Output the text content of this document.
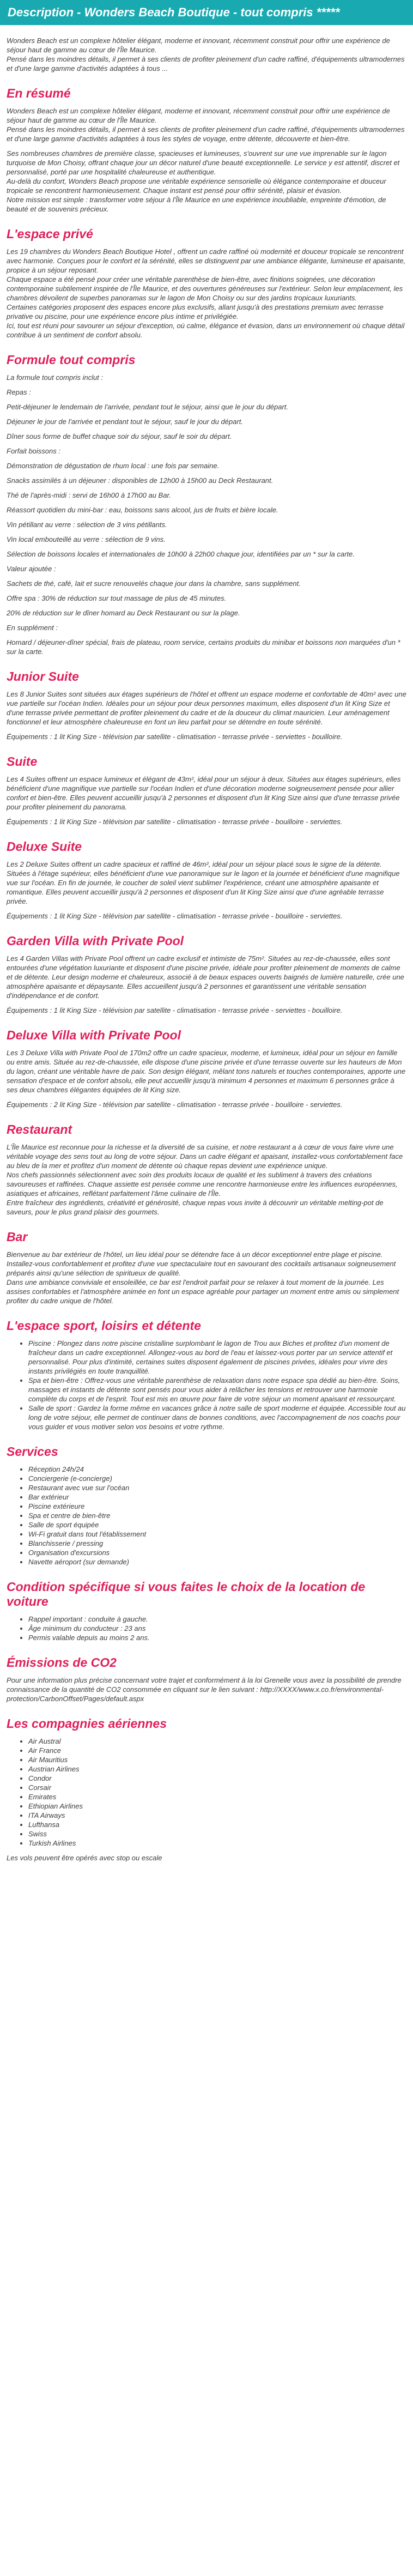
Description - Wonders Beach Boutique - tout compris *****

Wonders Beach est un complexe hôtelier élégant, moderne et innovant, récemment construit pour offrir une expérience de séjour haut de gamme au cœur de l'Île Maurice.
Pensé dans les moindres détails, il permet à ses clients de profiter pleinement d'un cadre raffiné, d'équipements ultramodernes et d'une large gamme d'activités adaptées à tous ...

En résumé

Wonders Beach est un complexe hôtelier élégant, moderne et innovant, récemment construit pour offrir une expérience de séjour haut de gamme au cœur de l'Île Maurice.
Pensé dans les moindres détails, il permet à ses clients de profiter pleinement d'un cadre raffiné, d'équipements ultramodernes et d'une large gamme d'activités adaptées à tous les styles de voyage, entre détente, découverte et bien-être.

Ses nombreuses chambres de première classe, spacieuses et lumineuses, s'ouvrent sur une vue imprenable sur le lagon turquoise de Mon Choisy, offrant chaque jour un décor naturel d'une beauté exceptionnelle. Le service y est attentif, discret et personnalisé, porté par une hospitalité chaleureuse et authentique.
Au-delà du confort, Wonders Beach propose une véritable expérience sensorielle où élégance contemporaine et douceur tropicale se rencontrent harmonieusement. Chaque instant est pensé pour offrir sérénité, plaisir et évasion.
Notre mission est simple : transformer votre séjour à l'Île Maurice en une expérience inoubliable, empreinte d'émotion, de beauté et de souvenirs précieux.

L'espace privé

Les 19 chambres du Wonders Beach Boutique Hotel , offrent un cadre raffiné où modernité et douceur tropicale se rencontrent avec harmonie. Conçues pour le confort et la sérénité, elles se distinguent par une ambiance élégante, lumineuse et apaisante, propice à un séjour reposant.
Chaque espace a été pensé pour créer une véritable parenthèse de bien-être, avec finitions soignées, une décoration contemporaine subtilement inspirée de l'Île Maurice, et des ouvertures généreuses sur l'extérieur. Selon leur emplacement, les chambres dévoilent de superbes panoramas sur le lagon de Mon Choisy ou sur des jardins tropicaux luxuriants.
Certaines catégories proposent des espaces encore plus exclusifs, allant jusqu'à des prestations premium avec terrasse privative ou piscine, pour une expérience encore plus intime et privilégiée.
Ici, tout est réuni pour savourer un séjour d'exception, où calme, élégance et évasion, dans un environnement où chaque détail contribue à un sentiment de confort absolu.

Formule tout compris

La formule tout compris inclut :

Repas :

Petit-déjeuner le lendemain de l'arrivée, pendant tout le séjour, ainsi que le jour du départ.

Déjeuner le jour de l'arrivée et pendant tout le séjour, sauf le jour du départ.

Dîner sous forme de buffet chaque soir du séjour, sauf le soir du départ.

Forfait boissons :

Démonstration de dégustation de rhum local : une fois par semaine.

Snacks assimilés à un déjeuner : disponibles de 12h00 à 15h00 au Deck Restaurant.

Thé de l'après-midi : servi de 16h00 à 17h00 au Bar.

Réassort quotidien du mini-bar : eau, boissons sans alcool, jus de fruits et bière locale.

Vin pétillant au verre : sélection de 3 vins pétillants.

Vin local embouteillé au verre : sélection de 9 vins.

Sélection de boissons locales et internationales de 10h00 à 22h00 chaque jour, identifiées par un * sur la carte.

Valeur ajoutée :

Sachets de thé, café, lait et sucre renouvelés chaque jour dans la chambre, sans supplément.

Offre spa : 30% de réduction sur tout massage de plus de 45 minutes.

20% de réduction sur le dîner homard au Deck Restaurant ou sur la plage.

En supplément :

Homard / déjeuner-dîner spécial, frais de plateau, room service, certains produits du minibar et boissons non marquées d'un * sur la carte.

Junior Suite

Les 8 Junior Suites sont situées aux étages supérieurs de l'hôtel et offrent un espace moderne et confortable de 40m² avec une vue partielle sur l'océan Indien. Idéales pour un séjour pour deux personnes maximum, elles disposent d'un lit King Size et d'une terrasse privée permettant de profiter pleinement du cadre et de la douceur du climat mauricien. Leur aménagement fonctionnel et leur atmosphère chaleureuse en font un lieu parfait pour se détendre en toute sérénité.

Équipements : 1 lit King Size - télévision par satellite - climatisation - terrasse privée - serviettes - bouilloire.

Suite

Les 4 Suites offrent un espace lumineux et élégant de 43m², idéal pour un séjour à deux. Situées aux étages supérieurs, elles bénéficient d'une magnifique vue partielle sur l'océan Indien et d'une décoration moderne soigneusement pensée pour allier confort et bien-être. Elles peuvent accueillir jusqu'à 2 personnes et disposent d'un lit King Size ainsi que d'une terrasse privée pour profiter pleinement du panorama.

Équipements : 1 lit King Size - télévision par satellite - climatisation - terrasse privée - bouilloire - serviettes.

Deluxe Suite

Les 2 Deluxe Suites offrent un cadre spacieux et raffiné de 46m², idéal pour un séjour placé sous le signe de la détente. Situées à l'étage supérieur, elles bénéficient d'une vue panoramique sur le lagon et la journée et bénéficient d'une magnifique vue sur l'océan. En fin de journée, le coucher de soleil vient sublimer l'expérience, créant une atmosphère apaisante et romantique. Elles peuvent accueillir jusqu'à 2 personnes et disposent d'un lit King Size ainsi que d'une agréable terrasse privée.

Équipements : 1 lit King Size - télévision par satellite - climatisation - terrasse privée - bouilloire - serviettes.

Garden Villa with Private Pool

Les 4 Garden Villas with Private Pool offrent un cadre exclusif et intimiste de 75m². Situées au rez-de-chaussée, elles sont entourées d'une végétation luxuriante et disposent d'une piscine privée, idéale pour profiter pleinement de moments de calme et de détente. Leur design moderne et chaleureux, associé à de beaux espaces ouverts baignés de lumière naturelle, crée une atmosphère apaisante et dépaysante. Elles accueillent jusqu'à 2 personnes et garantissent une véritable sensation d'indépendance et de confort.

Équipements : 1 lit King Size - télévision par satellite - climatisation - terrasse privée - serviettes - bouilloire.

Deluxe Villa with Private Pool

Les 3 Deluxe Villa with Private Pool de 170m2 offre un cadre spacieux, moderne, et lumineux, idéal pour un séjour en famille ou entre amis. Située au rez-de-chaussée, elle dispose d'une piscine privée et d'une terrasse ouverte sur les hauteurs de Mon du lagon, créant une véritable havre de paix. Son design élégant, mêlant tons naturels et touches contemporaines, apporte une sensation d'espace et de confort absolu, elle peut accueillir jusqu'à minimum 4 personnes et maximum 6 personnes grâce à ses deux chambres élégantes équipées de lit King size.

Équipements : 2 lit King Size - télévision par satellite - climatisation - terrasse privée - bouilloire - serviettes.

Restaurant

L'Île Maurice est reconnue pour la richesse et la diversité de sa cuisine, et notre restaurant a à cœur de vous faire vivre une véritable voyage des sens tout au long de votre séjour. Dans un cadre élégant et apaisant, installez-vous confortablement face au bleu de la mer et profitez d'un moment de détente où chaque repas devient une expérience unique.
Nos chefs passionnés sélectionnent avec soin des produits locaux de qualité et les subliment à travers des créations savoureuses et raffinées. Chaque assiette est pensée comme une rencontre harmonieuse entre les influences européennes, asiatiques et africaines, reflétant parfaitement l'âme culinaire de l'Île.
Entre fraîcheur des ingrédients, créativité et générosité, chaque repas vous invite à découvrir un véritable melting-pot de saveurs, pour le plus grand plaisir des gourmets.

Bar

Bienvenue au bar extérieur de l'hôtel, un lieu idéal pour se détendre face à un décor exceptionnel entre plage et piscine. Installez-vous confortablement et profitez d'une vue spectaculaire tout en savourant des cocktails artisanaux soigneusement préparés ainsi qu'une sélection de spiritueux de qualité.
Dans une ambiance conviviale et ensoleillée, ce bar est l'endroit parfait pour se relaxer à tout moment de la journée. Les assises confortables et l'atmosphère animée en font un espace agréable pour partager un moment entre amis ou simplement profiter du cadre unique de l'hôtel.

L'espace sport, loisirs et détente
• Piscine : Plongez dans notre piscine cristalline surplombant le lagon de Trou aux Biches et profitez d'un moment de fraîcheur dans un cadre exceptionnel. Allongez-vous au bord de l'eau et laissez-vous porter par un service attentif et personnalisé. Pour plus d'intimité, certaines suites disposent également de piscines privées, idéales pour vivre des instants privilégiés en toute tranquillité.
• Spa et bien-être : Offrez-vous une véritable parenthèse de relaxation dans notre espace spa dédié au bien-être. Soins, massages et instants de détente sont pensés pour vous aider à relâcher les tensions et retrouver une harmonie complète du corps et de l'esprit. Tout est mis en œuvre pour faire de votre séjour un moment apaisant et ressourçant.
• Salle de sport : Gardez la forme même en vacances grâce à notre salle de sport moderne et équipée. Accessible tout au long de votre séjour, elle permet de continuer dans de bonnes conditions, avec l'accompagnement de nos coachs pour vous guider et vous motiver selon vos besoins et votre rythme.
Services
• Réception 24h/24
• Conciergerie (e-concierge)
• Restaurant avec vue sur l'océan
• Bar extérieur
• Piscine extérieure
• Spa et centre de bien-être
• Salle de sport équipée
• Wi-Fi gratuit dans tout l'établissement
• Blanchisserie / pressing
• Organisation d'excursions
• Navette aéroport (sur demande)
Condition spécifique si vous faites le choix de la location de voiture
• Rappel important : conduite à gauche.
• Âge minimum du conducteur : 23 ans
• Permis valable depuis au moins 2 ans.
Émissions de CO2

Pour une information plus précise concernant votre trajet et conformément à la loi Grenelle vous avez la possibilité de prendre connaissance de la quantité de CO2 consommée en cliquant sur le lien suivant : http://XXXX/www.x.co.fr/environmental-protection/CarbonOffset/Pages/default.aspx

Les compagnies aériennes
• Air Austral
• Air France
• Air Mauritius
• Austrian Airlines
• Condor
• Corsair
• Emirates
• Ethiopian Airlines
• ITA Airways
• Lufthansa
• Swiss
• Turkish Airlines

Les vols peuvent être opérés avec stop ou escale
